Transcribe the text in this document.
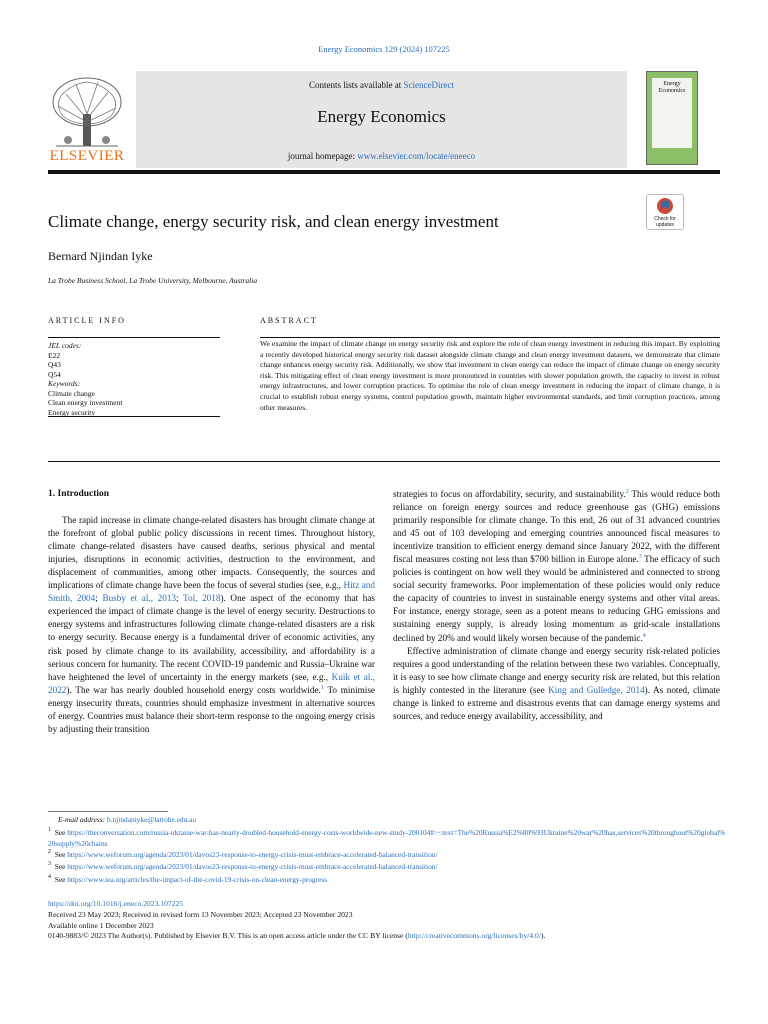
Energy Economics 129 (2024) 107225
ELSEVIER
Contents lists available at ScienceDirect
Energy Economics
journal homepage: www.elsevier.com/locate/eneeco
Energy Economics
Climate change, energy security risk, and clean energy investment	Check for updates
Bernard Njindan Iyke
La Trobe Business School, La Trobe University, Melbourne, Australia
ARTICLE INFO	ABSTRACT
JEL codes:
E22
Q43
Q54
Keywords:
Climate change
Clean energy investment
Energy security
We examine the impact of climate change on energy security risk and explore the role of clean energy investment in reducing this impact. By exploiting a recently developed historical energy security risk dataset alongside climate change and clean energy investment datasets, we demonstrate that climate change enhances energy security risk. Additionally, we show that investment in clean energy can reduce the impact of climate change on energy security risk. This mitigating effect of clean energy investment is more pronounced in countries with slower population growth, the capacity to invest in robust energy infrastructures, and lower corruption practices. To optimise the role of clean energy investment in reducing the impact of climate change, it is crucial to establish robust energy systems, control population growth, maintain higher environmental standards, and limit corruption practices, among other measures.
1. Introduction

The rapid increase in climate change-related disasters has brought climate change at the forefront of global public policy discussions in recent times. Throughout history, climate change-related disasters have caused deaths, serious physical and mental injuries, disruptions in economic activities, destruction to the environment, and displacement of communities, among other impacts. Consequently, the sources and implications of climate change have been the focus of several studies (see, e.g., Hitz and Smith, 2004; Busby et al., 2013; Tol, 2018). One aspect of the economy that has experienced the impact of climate change is the level of energy security. Destructions to energy systems and infrastructures following climate change-related disasters are a risk to energy security. Because energy is a fundamental driver of economic activities, any risk posed by climate change to its availability, accessibility, and affordability is a serious concern for humanity. The recent COVID-19 pandemic and Russia–Ukraine war have heightened the level of uncertainty in the energy markets (see, e.g., Kuik et al., 2022). The war has nearly doubled household energy costs worldwide.$^1$ To minimise energy insecurity threats, countries should emphasize investment in alternative sources of energy. Countries must balance their short-term response to the ongoing energy crisis by adjusting their transition

strategies to focus on affordability, security, and sustainability.$^2$ This would reduce both reliance on foreign energy sources and reduce greenhouse gas (GHG) emissions primarily responsible for climate change. To this end, 26 out of 31 advanced countries and 45 out of 103 developing and emerging countries announced fiscal measures to incentivize transition to efficient energy demand since January 2022, with the different fiscal measures costing not less than $700 billion in Europe alone.$^3$ The efficacy of such policies is contingent on how well they would be administered and connected to strong social security frameworks. Poor implementation of these policies would only reduce the capacity of countries to invest in sustainable energy systems and other vital areas. For instance, energy storage, seen as a potent means to reducing GHG emissions and sustaining energy supply, is already losing momentum as grid-scale installations declined by 20% and would likely worsen because of the pandemic.$^4$

Effective administration of climate change and energy security risk-related policies requires a good understanding of the relation between these two variables. Conceptually, it is easy to see how climate change and energy security risk are related, but this relation is highly contested in the literature (see King and Gulledge, 2014). As noted, climate change is linked to extreme and disastrous events that can damage energy systems and sources, and reduce energy availability, accessibility, and

E-mail address: b.njindaniyke@latrobe.edu.au
$^1$ See https://theconversation.com/russia-ukraine-war-has-nearly-doubled-household-energy-costs-worldwide-new-study-200104#:~:text=The%20Russia%E2%80%93Ukraine%20war%20has,services%20throughout%20global%20supply%20chains
$^2$ See https://www.weforum.org/agenda/2023/01/davos23-response-to-energy-crisis-must-embrace-accelerated-balanced-transition/
$^3$ See https://www.weforum.org/agenda/2023/01/davos23-response-to-energy-crisis-must-embrace-accelerated-balanced-transition/
$^4$ See https://www.iea.org/articles/the-impact-of-the-covid-19-crisis-on-clean-energy-progress
https://doi.org/10.1016/j.eneco.2023.107225
Received 23 May 2023; Received in revised form 13 November 2023; Accepted 23 November 2023
Available online 1 December 2023
0140-9883/© 2023 The Author(s). Published by Elsevier B.V. This is an open access article under the CC BY license (http://creativecommons.org/licenses/by/4.0/).
